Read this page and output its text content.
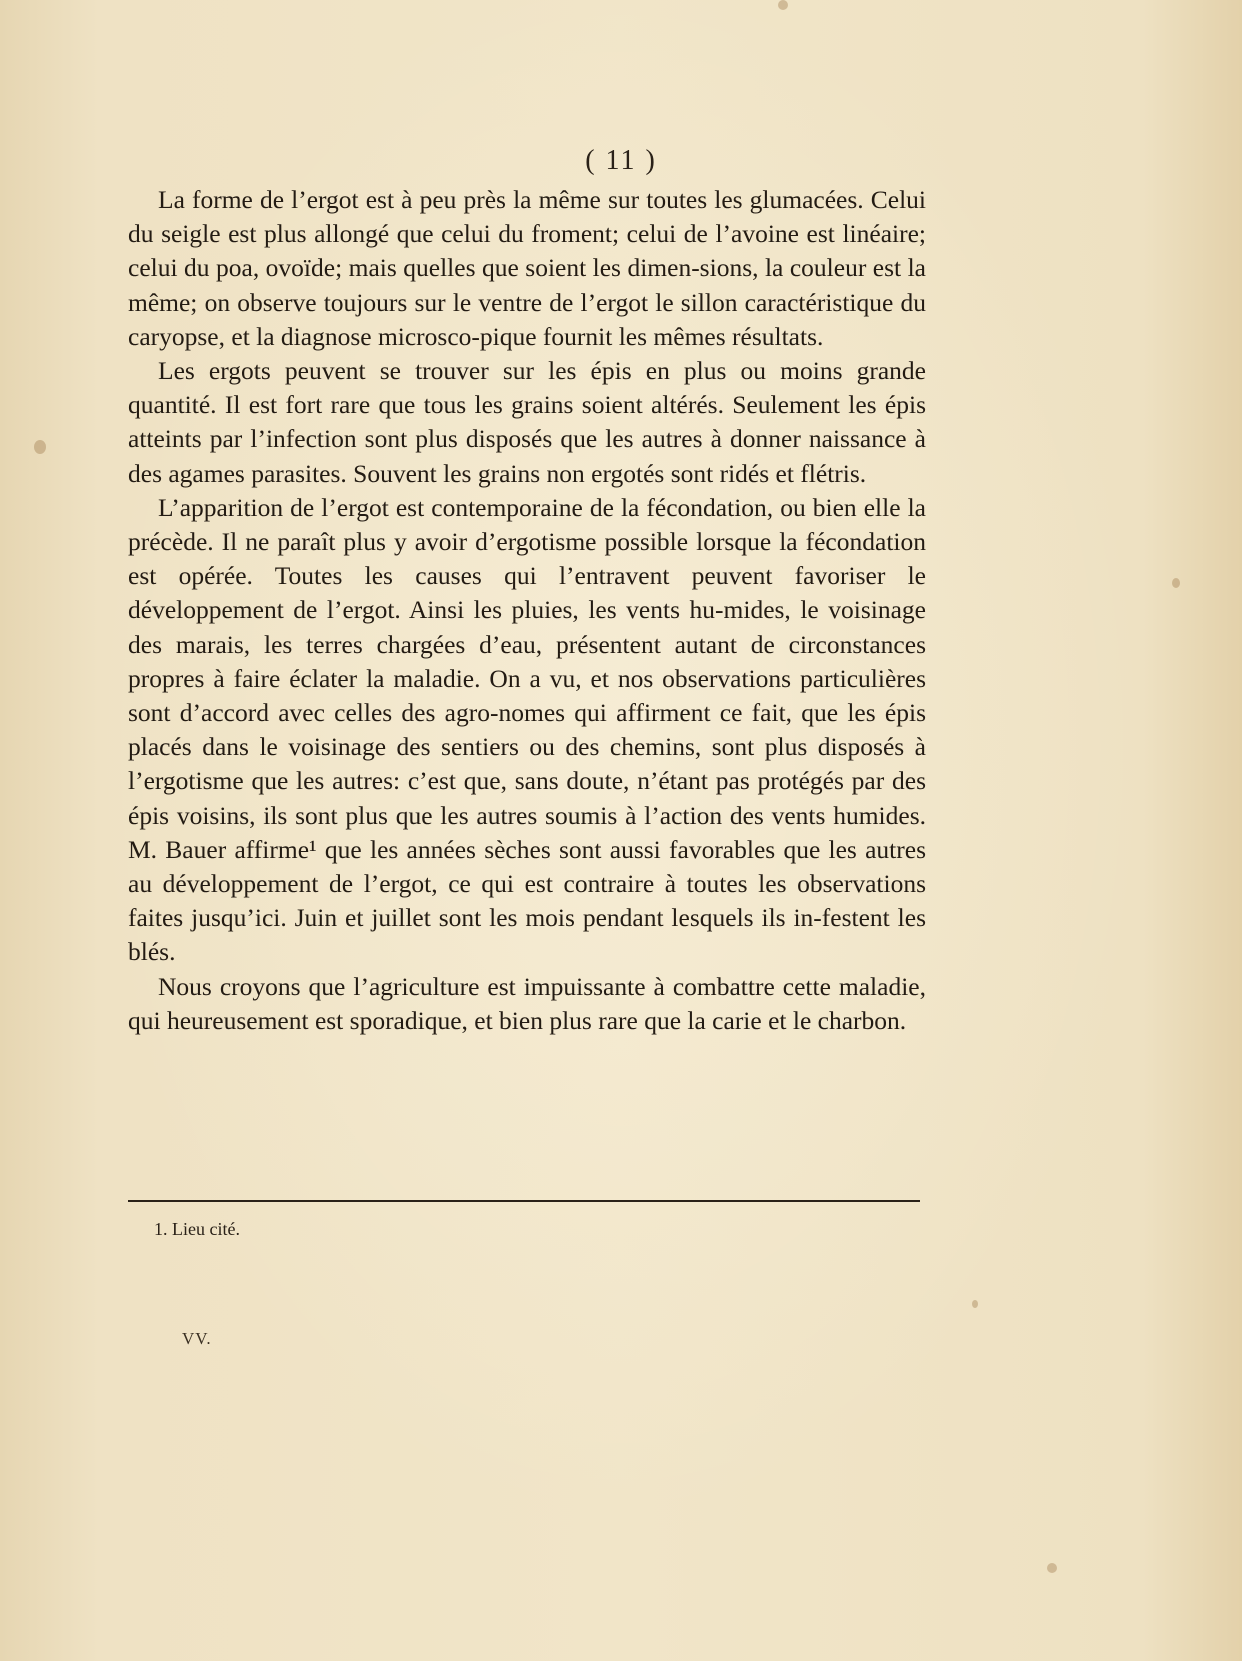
( 11 )

La forme de l’ergot est à peu près la même sur toutes les glumacées. Celui du seigle est plus allongé que celui du froment; celui de l’avoine est linéaire; celui du poa, ovoïde; mais quelles que soient les dimen-sions, la couleur est la même; on observe toujours sur le ventre de l’ergot le sillon caractéristique du caryopse, et la diagnose microsco-pique fournit les mêmes résultats.

Les ergots peuvent se trouver sur les épis en plus ou moins grande quantité. Il est fort rare que tous les grains soient altérés. Seulement les épis atteints par l’infection sont plus disposés que les autres à donner naissance à des agames parasites. Souvent les grains non ergotés sont ridés et flétris.

L’apparition de l’ergot est contemporaine de la fécondation, ou bien elle la précède. Il ne paraît plus y avoir d’ergotisme possible lorsque la fécondation est opérée. Toutes les causes qui l’entravent peuvent favoriser le développement de l’ergot. Ainsi les pluies, les vents hu-mides, le voisinage des marais, les terres chargées d’eau, présentent autant de circonstances propres à faire éclater la maladie. On a vu, et nos observations particulières sont d’accord avec celles des agro-nomes qui affirment ce fait, que les épis placés dans le voisinage des sentiers ou des chemins, sont plus disposés à l’ergotisme que les autres: c’est que, sans doute, n’étant pas protégés par des épis voisins, ils sont plus que les autres soumis à l’action des vents humides. M. Bauer affirme¹ que les années sèches sont aussi favorables que les autres au développement de l’ergot, ce qui est contraire à toutes les observations faites jusqu’ici. Juin et juillet sont les mois pendant lesquels ils in-festent les blés.

Nous croyons que l’agriculture est impuissante à combattre cette maladie, qui heureusement est sporadique, et bien plus rare que la carie et le charbon.

1. Lieu cité.
VV.
